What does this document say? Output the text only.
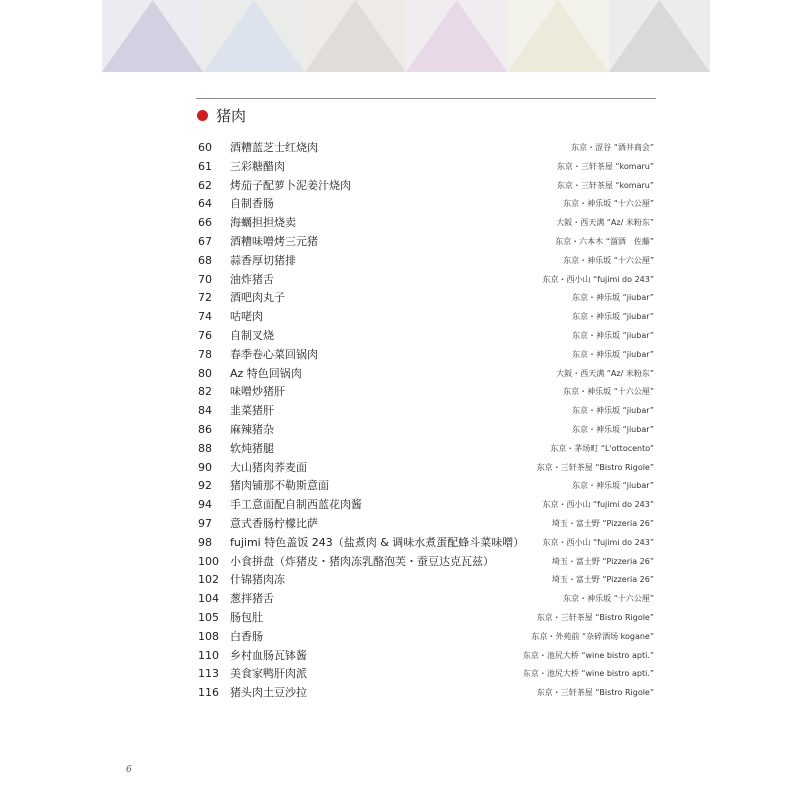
猪肉
60	酒糟蓝芝士红烧肉	东京・涩谷 “酒井商会”
61	三彩糖醋肉	东京・三轩茶屋 “komaru”
62	烤茄子配萝卜泥姜汁烧肉	东京・三轩茶屋 “komaru”
64	自制香肠	东京・神乐坂 “十六公厘”
66	海蠣担担烧卖	大阪・西天满 “Az/ 米粉东”
67	酒糟味噌烤三元猪	东京・六本木 “溜酒　佐藤”
68	蒜香厚切猪排	东京・神乐坂 “十六公厘”
70	油炸猪舌	东京・西小山 “fujimi do 243”
72	酒吧肉丸子	东京・神乐坂 “jiubar”
74	咕咾肉	东京・神乐坂 “jiubar”
76	自制叉烧	东京・神乐坂 “jiubar”
78	春季卷心菜回锅肉	东京・神乐坂 “jiubar”
80	Az 特色回锅肉	大阪・西天满 “Az/ 米粉东”
82	味噌炒猪肝	东京・神乐坂 “十六公厘”
84	韭菜猪肝	东京・神乐坂 “jiubar”
86	麻辣猪杂	东京・神乐坂 “jiubar”
88	软炖猪腿	东京・茅场町 “L'ottocento”
90	大山猪肉荞麦面	东京・三轩茶屋 “Bistro Rigole”
92	猪肉铺那不勒斯意面	东京・神乐坂 “jiubar”
94	手工意面配自制西蓝花肉酱	东京・西小山 “fujimi do 243”
97	意式香肠柠檬比萨	埼玉・富士野 “Pizzeria 26”
98	fujimi 特色盖饭 243（盐煮肉 & 调味水煮蛋配蜂斗菜味噌） 东京・西小山 “fujimi do 243”
100	小食拼盘（炸猪皮・猪肉冻乳酪泡芙・蚕豆达克瓦兹）	埼玉・富士野 “Pizzeria 26”
102	什锦猪肉冻	埼玉・富士野 “Pizzeria 26”
104	葱拌猪舌	东京・神乐坂 “十六公厘”
105	肠包肚	东京・三轩茶屋 “Bistro Rigole”
108	白香肠	东京・外苑前 “杂碎酒场 kogane”
110	乡村血肠瓦钵酱	东京・池尻大桥 “wine bistro apti.”
113	美食家鸭肝肉派	东京・池尻大桥 “wine bistro apti.”
116	猪头肉土豆沙拉	东京・三轩茶屋 “Bistro Rigole”
6
